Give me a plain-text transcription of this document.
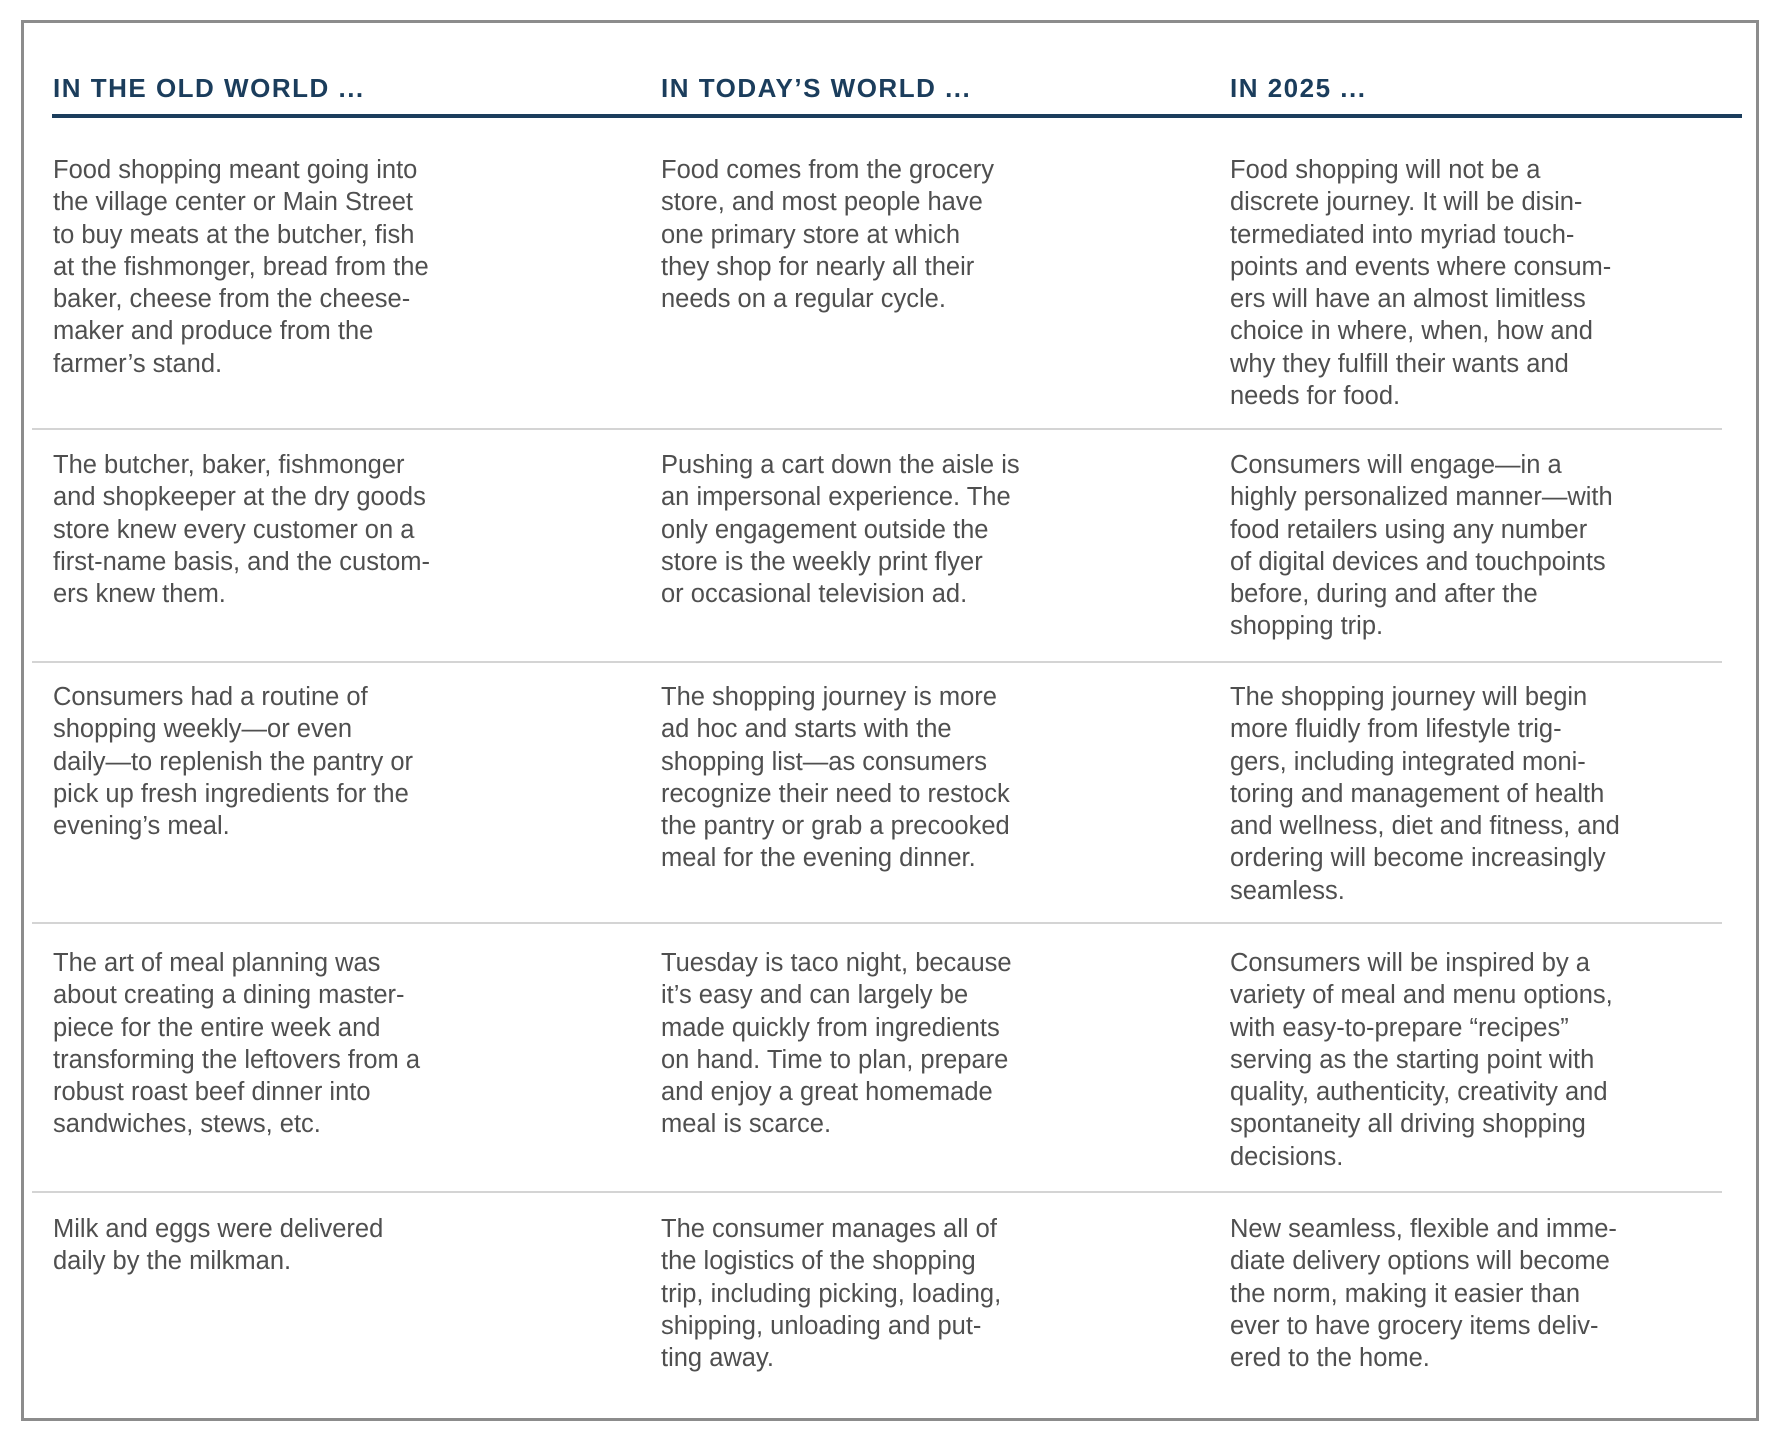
IN THE OLD WORLD ...	IN TODAY’S WORLD ...	IN 2025 ...
Food shopping meant going into
the village center or Main Street
to buy meats at the butcher, fish
at the fishmonger, bread from the
baker, cheese from the cheese-
maker and produce from the
farmer’s stand.
Food comes from the grocery
store, and most people have
one primary store at which
they shop for nearly all their
needs on a regular cycle.
Food shopping will not be a
discrete journey. It will be disin-
termediated into myriad touch-
points and events where consum-
ers will have an almost limitless
choice in where, when, how and
why they fulfill their wants and
needs for food.
The butcher, baker, fishmonger
and shopkeeper at the dry goods
store knew every customer on a
first-name basis, and the custom-
ers knew them.
Pushing a cart down the aisle is
an impersonal experience. The
only engagement outside the
store is the weekly print flyer
or occasional television ad.
Consumers will engage—in a
highly personalized manner—with
food retailers using any number
of digital devices and touchpoints
before, during and after the
shopping trip.
Consumers had a routine of
shopping weekly—or even
daily—to replenish the pantry or
pick up fresh ingredients for the
evening’s meal.
The shopping journey is more
ad hoc and starts with the
shopping list—as consumers
recognize their need to restock
the pantry or grab a precooked
meal for the evening dinner.
The shopping journey will begin
more fluidly from lifestyle trig-
gers, including integrated moni-
toring and management of health
and wellness, diet and fitness, and
ordering will become increasingly
seamless.
The art of meal planning was
about creating a dining master-
piece for the entire week and
transforming the leftovers from a
robust roast beef dinner into
sandwiches, stews, etc.
Tuesday is taco night, because
it’s easy and can largely be
made quickly from ingredients
on hand. Time to plan, prepare
and enjoy a great homemade
meal is scarce.
Consumers will be inspired by a
variety of meal and menu options,
with easy-to-prepare “recipes”
serving as the starting point with
quality, authenticity, creativity and
spontaneity all driving shopping
decisions.
Milk and eggs were delivered
daily by the milkman.
The consumer manages all of
the logistics of the shopping
trip, including picking, loading,
shipping, unloading and put-
ting away.
New seamless, flexible and imme-
diate delivery options will become
the norm, making it easier than
ever to have grocery items deliv-
ered to the home.
